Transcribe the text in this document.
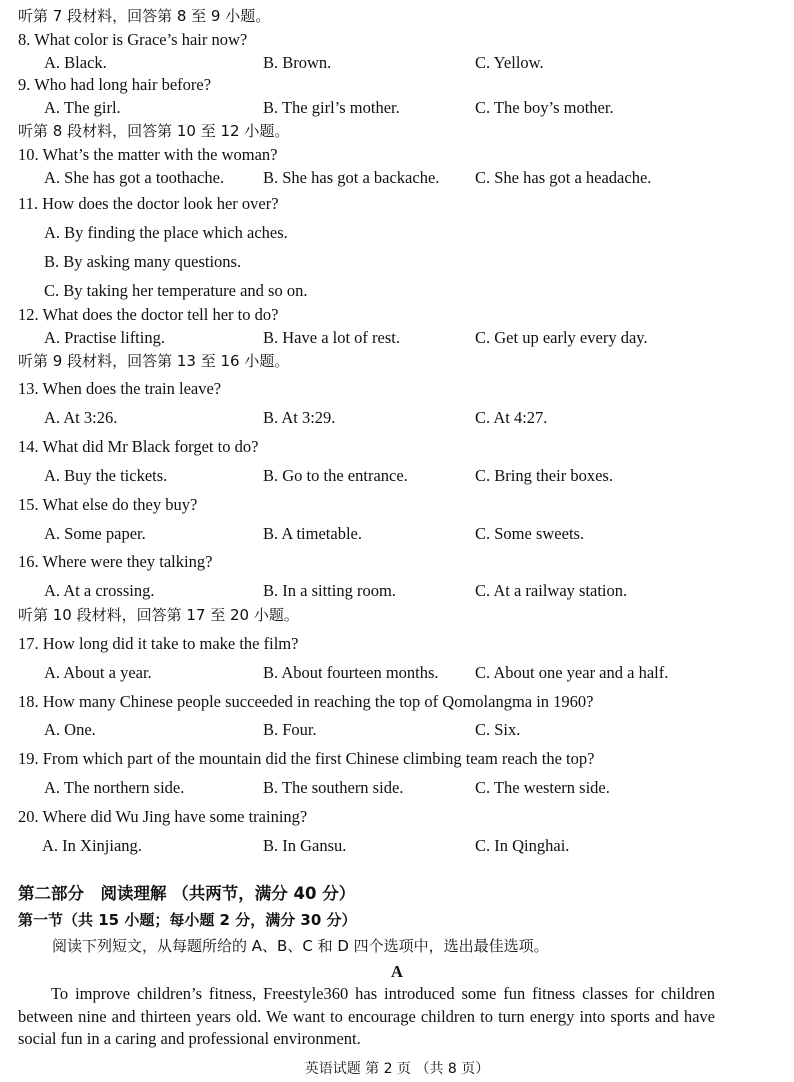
听第 7 段材料，回答第 8 至 9 小题。
8. What color is Grace’s hair now?
A. Black.	B. Brown.	C. Yellow.
9. Who had long hair before?
A. The girl.	B. The girl’s mother.	C. The boy’s mother.
听第 8 段材料，回答第 10 至 12 小题。
10. What’s the matter with the woman?
A. She has got a toothache. B. She has got a backache. C. She has got a headache.
11. How does the doctor look her over?
A. By finding the place which aches.
B. By asking many questions.
C. By taking her temperature and so on.
12. What does the doctor tell her to do?
A. Practise lifting.	B. Have a lot of rest.	C. Get up early every day.
听第 9 段材料，回答第 13 至 16 小题。
13. When does the train leave?
A. At 3:26.	B. At 3:29.	C. At 4:27.
14. What did Mr Black forget to do?
A. Buy the tickets.	B. Go to the entrance.	C. Bring their boxes.
15. What else do they buy?
A. Some paper.	B. A timetable.	C. Some sweets.
16. Where were they talking?
A. At a crossing.	B. In a sitting room.	C. At a railway station.
听第 10 段材料，回答第 17 至 20 小题。
17. How long did it take to make the film?
A. About a year.	B. About fourteen months. C. About one year and a half.
18. How many Chinese people succeeded in reaching the top of Qomolangma in 1960?
A. One.	B. Four.	C. Six.
19. From which part of the mountain did the first Chinese climbing team reach the top?
A. The northern side.	B. The southern side.	C. The western side.
20. Where did Wu Jing have some training?
A. In Xinjiang.	B. In Gansu.	C. In Qinghai.
第二部分　阅读理解 （共两节，满分 40 分）
第一节（共 15 小题；每小题 2 分，满分 30 分）
阅读下列短文，从每题所给的 A、B、C 和 D 四个选项中，选出最佳选项。
A
To improve children’s fitness, Freestyle360 has introduced some fun fitness classes for children between nine and thirteen years old. We want to encourage children to turn energy into sports and have social fun in a caring and professional environment.
英语试题 第 2 页 （共 8 页）
